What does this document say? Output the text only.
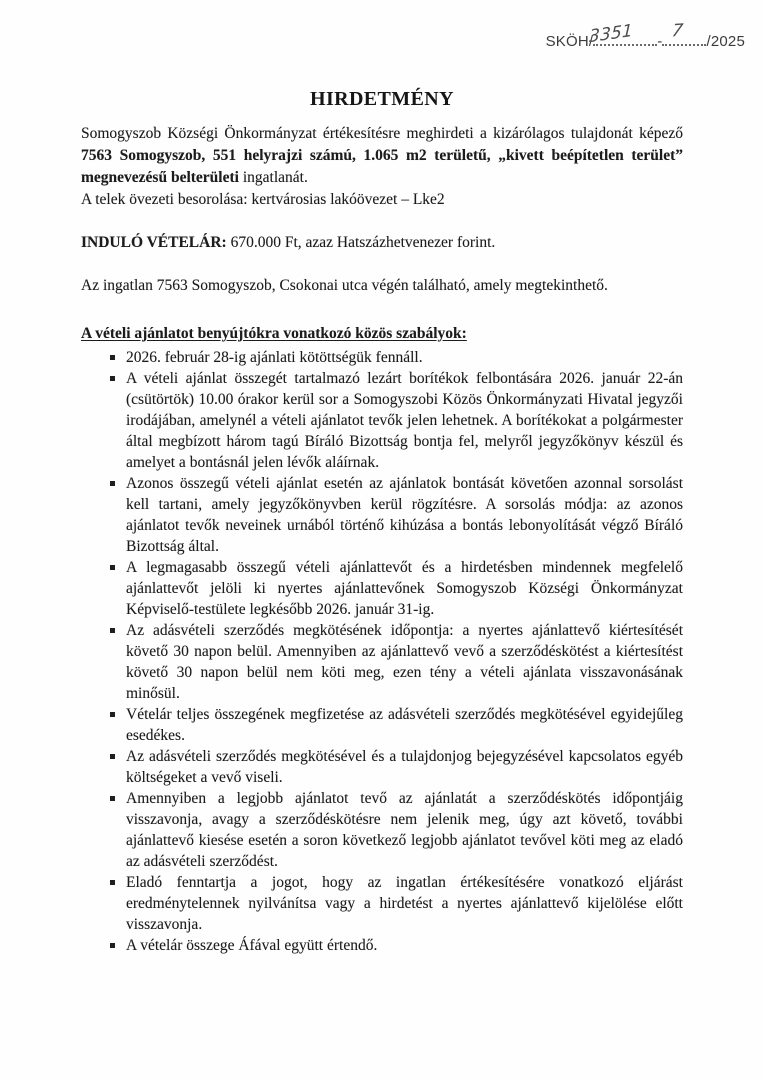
SKÖH/
3351 - 7 /2025
HIRDETMÉNY

Somogyszob Községi Önkormányzat értékesítésre meghirdeti a kizárólagos tulajdonát képező 7563 Somogyszob, 551 helyrajzi számú, 1.065 m2 területű, „kivett beépítetlen terület” megnevezésű belterületi ingatlanát.

A telek övezeti besorolása: kertvárosias lakóövezet – Lke2

INDULÓ VÉTELÁR: 670.000 Ft, azaz Hatszázhetvenezer forint.

Az ingatlan 7563 Somogyszob, Csokonai utca végén található, amely megtekinthető.

A vételi ajánlatot benyújtókra vonatkozó közös szabályok:
2026. február 28-ig ajánlati kötöttségük fennáll.
A vételi ajánlat összegét tartalmazó lezárt borítékok felbontására 2026. január 22-án (csütörtök) 10.00 órakor kerül sor a Somogyszobi Közös Önkormányzati Hivatal jegyzői irodájában, amelynél a vételi ajánlatot tevők jelen lehetnek. A borítékokat a polgármester által megbízott három tagú Bíráló Bizottság bontja fel, melyről jegyzőkönyv készül és amelyet a bontásnál jelen lévők aláírnak.
Azonos összegű vételi ajánlat esetén az ajánlatok bontását követően azonnal sorsolást kell tartani, amely jegyzőkönyvben kerül rögzítésre. A sorsolás módja: az azonos ajánlatot tevők neveinek urnából történő kihúzása a bontás lebonyolítását végző Bíráló Bizottság által.
A legmagasabb összegű vételi ajánlattevőt és a hirdetésben mindennek megfelelő ajánlattevőt jelöli ki nyertes ajánlattevőnek Somogyszob Községi Önkormányzat Képviselő-testülete legkésőbb 2026. január 31-ig.
Az adásvételi szerződés megkötésének időpontja: a nyertes ajánlattevő kiértesítését követő 30 napon belül. Amennyiben az ajánlattevő vevő a szerződéskötést a kiértesítést követő 30 napon belül nem köti meg, ezen tény a vételi ajánlata visszavonásának minősül.
Vételár teljes összegének megfizetése az adásvételi szerződés megkötésével egyidejűleg esedékes.
Az adásvételi szerződés megkötésével és a tulajdonjog bejegyzésével kapcsolatos egyéb költségeket a vevő viseli.
Amennyiben a legjobb ajánlatot tevő az ajánlatát a szerződéskötés időpontjáig visszavonja, avagy a szerződéskötésre nem jelenik meg, úgy azt követő, további ajánlattevő kiesése esetén a soron következő legjobb ajánlatot tevővel köti meg az eladó az adásvételi szerződést.
Eladó fenntartja a jogot, hogy az ingatlan értékesítésére vonatkozó eljárást eredménytelennek nyilvánítsa vagy a hirdetést a nyertes ajánlattevő kijelölése előtt visszavonja.
A vételár összege Áfával együtt értendő.
